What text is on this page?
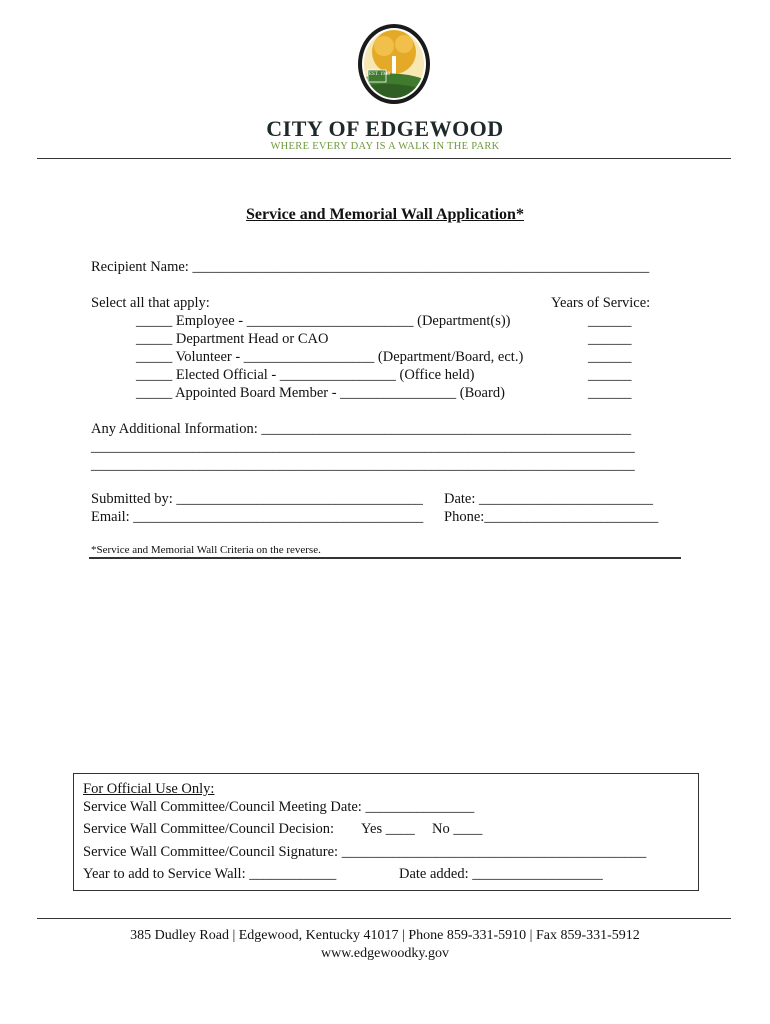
EST. 1948
CITY OF EDGEWOOD
WHERE EVERY DAY IS A WALK IN THE PARK
Service and Memorial Wall Application*
Recipient Name: _______________________________________________________________
Select all that apply:	Years of Service:
_____ Employee - _______________________ (Department(s))	______
_____ Department Head or CAO	______
_____ Volunteer - __________________ (Department/Board, ect.)	______
_____ Elected Official - ________________ (Office held)	______
_____ Appointed Board Member - ________________ (Board)	______
Any Additional Information: ___________________________________________________
___________________________________________________________________________
___________________________________________________________________________
Submitted by: __________________________________ Date: ________________________
Email: ________________________________________ Phone:________________________
*Service and Memorial Wall Criteria on the reverse.
For Official Use Only:
Service Wall Committee/Council Meeting Date: _______________
Service Wall Committee/Council Decision: Yes ____ No ____
Service Wall Committee/Council Signature: __________________________________________
Year to add to Service Wall: ____________	Date added: __________________
385 Dudley Road | Edgewood, Kentucky 41017 | Phone 859-331-5910 | Fax 859-331-5912
www.edgewoodky.gov
